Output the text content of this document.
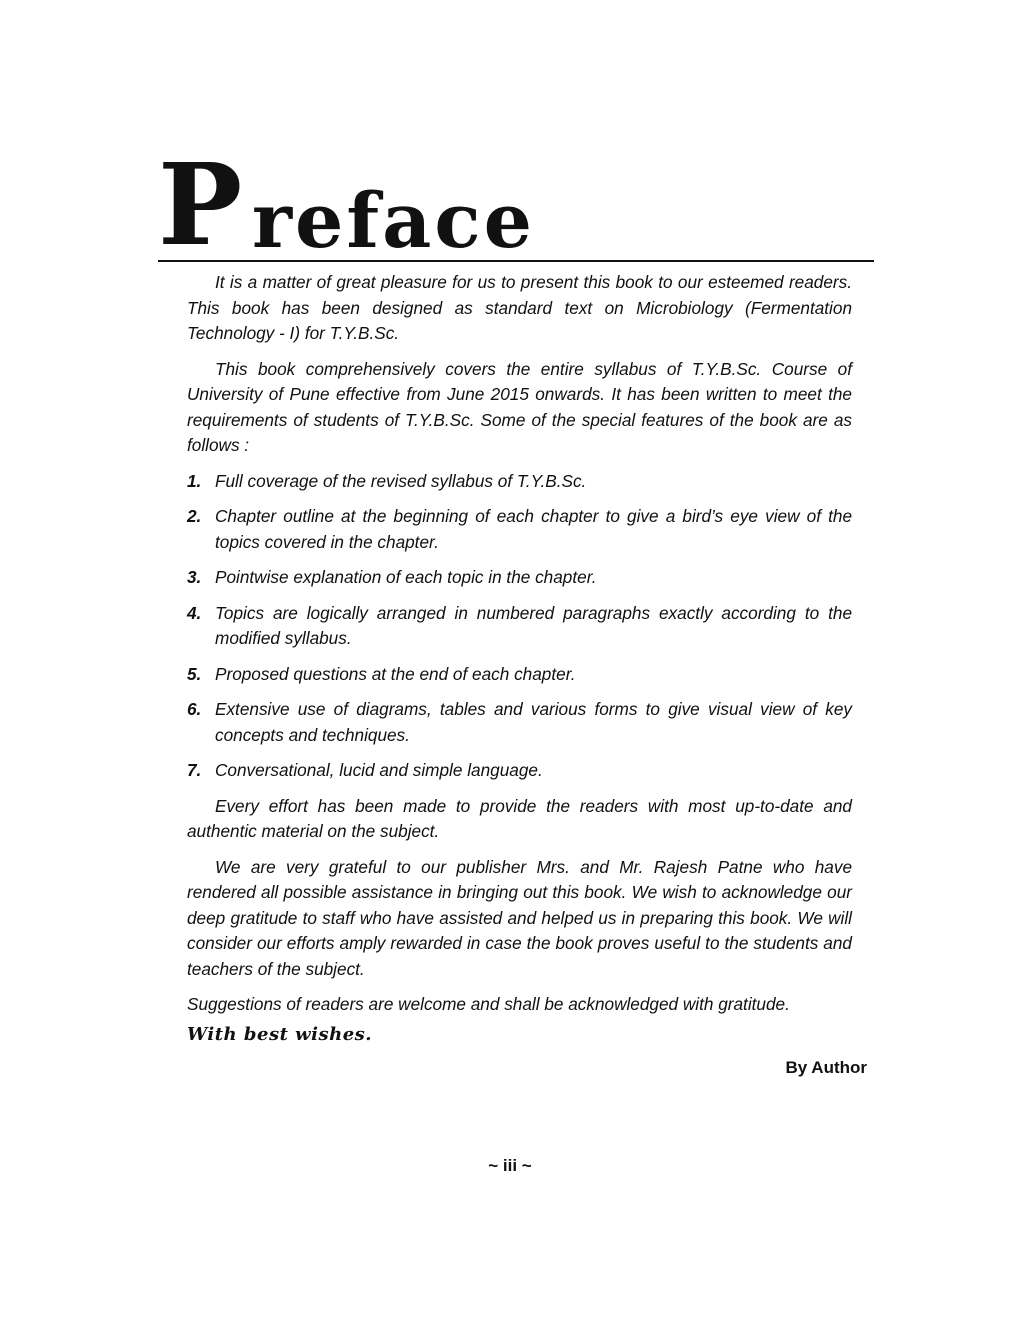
P reface

It is a matter of great pleasure for us to present this book to our esteemed readers. This book has been designed as standard text on Microbiology (Fermentation Technology - I) for T.Y.B.Sc.

This book comprehensively covers the entire syllabus of T.Y.B.Sc. Course of University of Pune effective from June 2015 onwards. It has been written to meet the requirements of students of T.Y.B.Sc. Some of the special features of the book are as follows :

1. Full coverage of the revised syllabus of T.Y.B.Sc.
2. Chapter outline at the beginning of each chapter to give a bird’s eye view of the topics covered in the chapter.
3. Pointwise explanation of each topic in the chapter.
4. Topics are logically arranged in numbered paragraphs exactly according to the modified syllabus.
5. Proposed questions at the end of each chapter.
6. Extensive use of diagrams, tables and various forms to give visual view of key concepts and techniques.
7. Conversational, lucid and simple language.

Every effort has been made to provide the readers with most up-to-date and authentic material on the subject.

We are very grateful to our publisher Mrs. and Mr. Rajesh Patne who have rendered all possible assistance in bringing out this book. We wish to acknowledge our deep gratitude to staff who have assisted and helped us in preparing this book. We will consider our efforts amply rewarded in case the book proves useful to the students and teachers of the subject.

Suggestions of readers are welcome and shall be acknowledged with gratitude.

With best wishes.
By Author
~ iii ~
